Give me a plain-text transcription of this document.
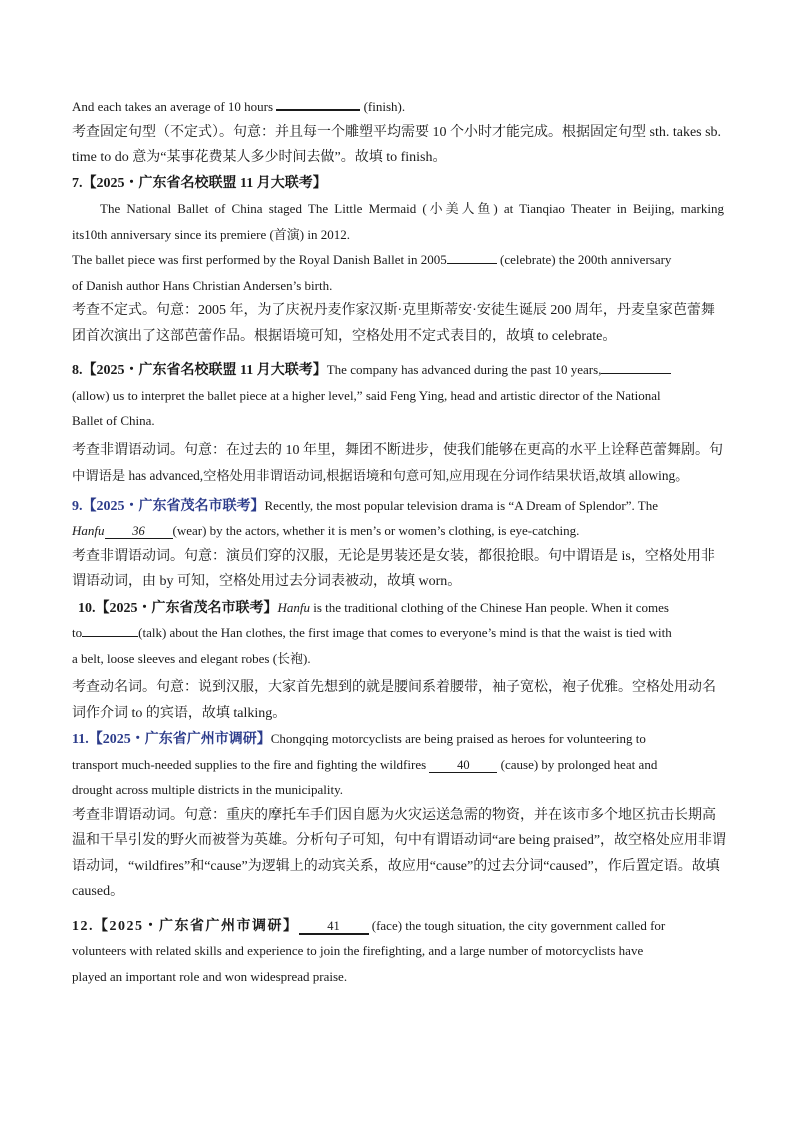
And each takes an average of 10 hours	(finish).
考查固定句型（不定式）。句意：并且每一个雕塑平均需要 10 个小时才能完成。根据固定句型 sth. takes sb.
time to do 意为“某事花费某人多少时间去做”。故填 to finish。
7.【2025・广东省名校联盟 11 月大联考】
The National Ballet of China staged The Little Mermaid (小美人鱼) at Tianqiao Theater in Beijing, marking
its10th anniversary since its premiere (首演) in 2012.
The ballet piece was first performed by the Royal Danish Ballet in 2005	(celebrate) the 200th anniversary
of Danish author Hans Christian Andersen’s birth.
考查不定式。句意：2005 年，为了庆祝丹麦作家汉斯·克里斯蒂安·安徒生诞辰 200 周年，丹麦皇家芭蕾舞
团首次演出了这部芭蕾作品。根据语境可知，空格处用不定式表目的，故填 to celebrate。
8.【2025・广东省名校联盟 11 月大联考】The company has advanced during the past 10 years,
(allow) us to interpret the ballet piece at a higher level,” said Feng Ying, head and artistic director of the National
Ballet of China.
考查非谓语动词。句意：在过去的 10 年里，舞团不断进步，使我们能够在更高的水平上诠释芭蕾舞剧。句
中谓语是 has advanced,空格处用非谓语动词,根据语境和句意可知,应用现在分词作结果状语,故填 allowing。
9.【2025・广东省茂名市联考】Recently, the most popular television drama is “A Dream of Splendor”. The
Hanfu 36 (wear) by the actors, whether it is men’s or women’s clothing, is eye-catching.
考查非谓语动词。句意：演员们穿的汉服，无论是男装还是女装，都很抢眼。句中谓语是 is，空格处用非
谓语动词，由 by 可知，空格处用过去分词表被动，故填 worn。
10.【2025・广东省茂名市联考】Hanfu is the traditional clothing of the Chinese Han people. When it comes
to	(talk) about the Han clothes, the first image that comes to everyone’s mind is that the waist is tied with
a belt, loose sleeves and elegant robes (长袍).
考查动名词。句意：说到汉服，大家首先想到的就是腰间系着腰带，袖子宽松，袍子优雅。空格处用动名
词作介词 to 的宾语，故填 talking。
11.【2025・广东省广州市调研】Chongqing motorcyclists are being praised as heroes for volunteering to
transport much-needed supplies to the fire and fighting the wildfires 40 (cause) by prolonged heat and
drought across multiple districts in the municipality.
考查非谓语动词。句意：重庆的摩托车手们因自愿为火灾运送急需的物资，并在该市多个地区抗击长期高
温和干旱引发的野火而被誉为英雄。分析句子可知，句中有谓语动词“are being praised”，故空格处应用非谓
语动词，“wildfires”和“cause”为逻辑上的动宾关系，故应用“cause”的过去分词“caused”，作后置定语。故填
caused。
12.【2025・广东省广州市调研】 41 (face) the tough situation, the city government called for
volunteers with related skills and experience to join the firefighting, and a large number of motorcyclists have
played an important role and won widespread praise.
